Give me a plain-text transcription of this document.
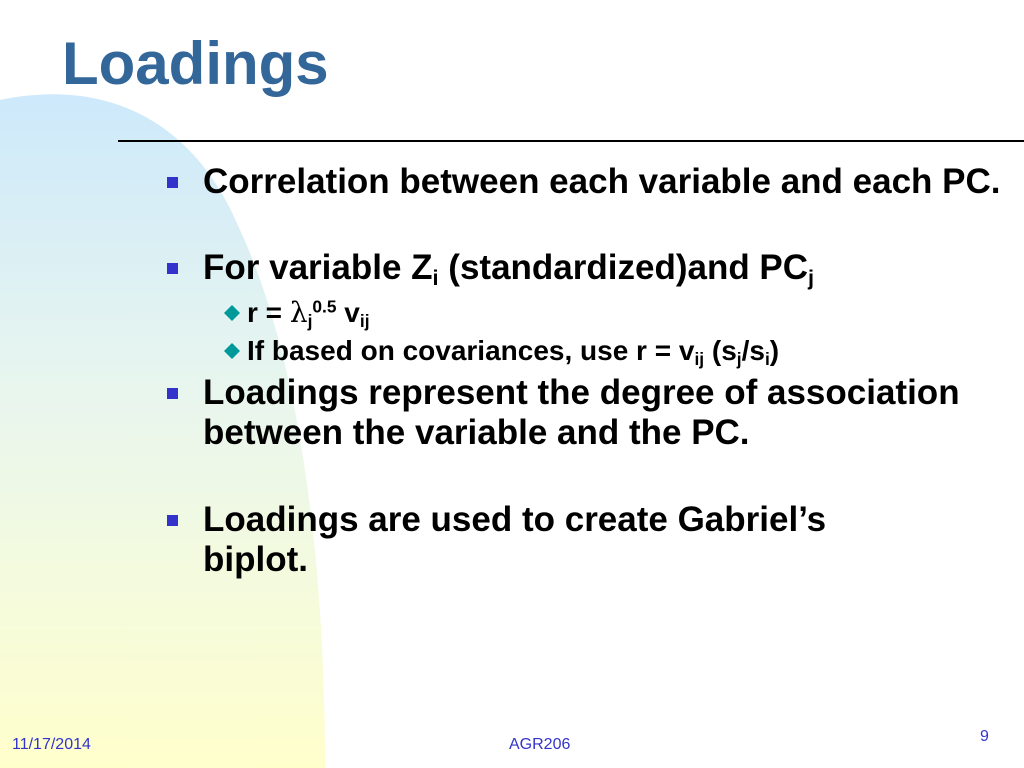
Loadings
Correlation between each variable and each PC.
For variable $Z_i$ (standardized)and $PC_j$
$r = \lambda_j^{0.5}$ $v_{ij}$
If based on covariances, use $r = v_{ij}$ $(s_j/s_i)$
Loadings represent the degree of association between the variable and the PC.
Loadings are used to create Gabriel’s biplot.
11/17/2014	AGR206	9
